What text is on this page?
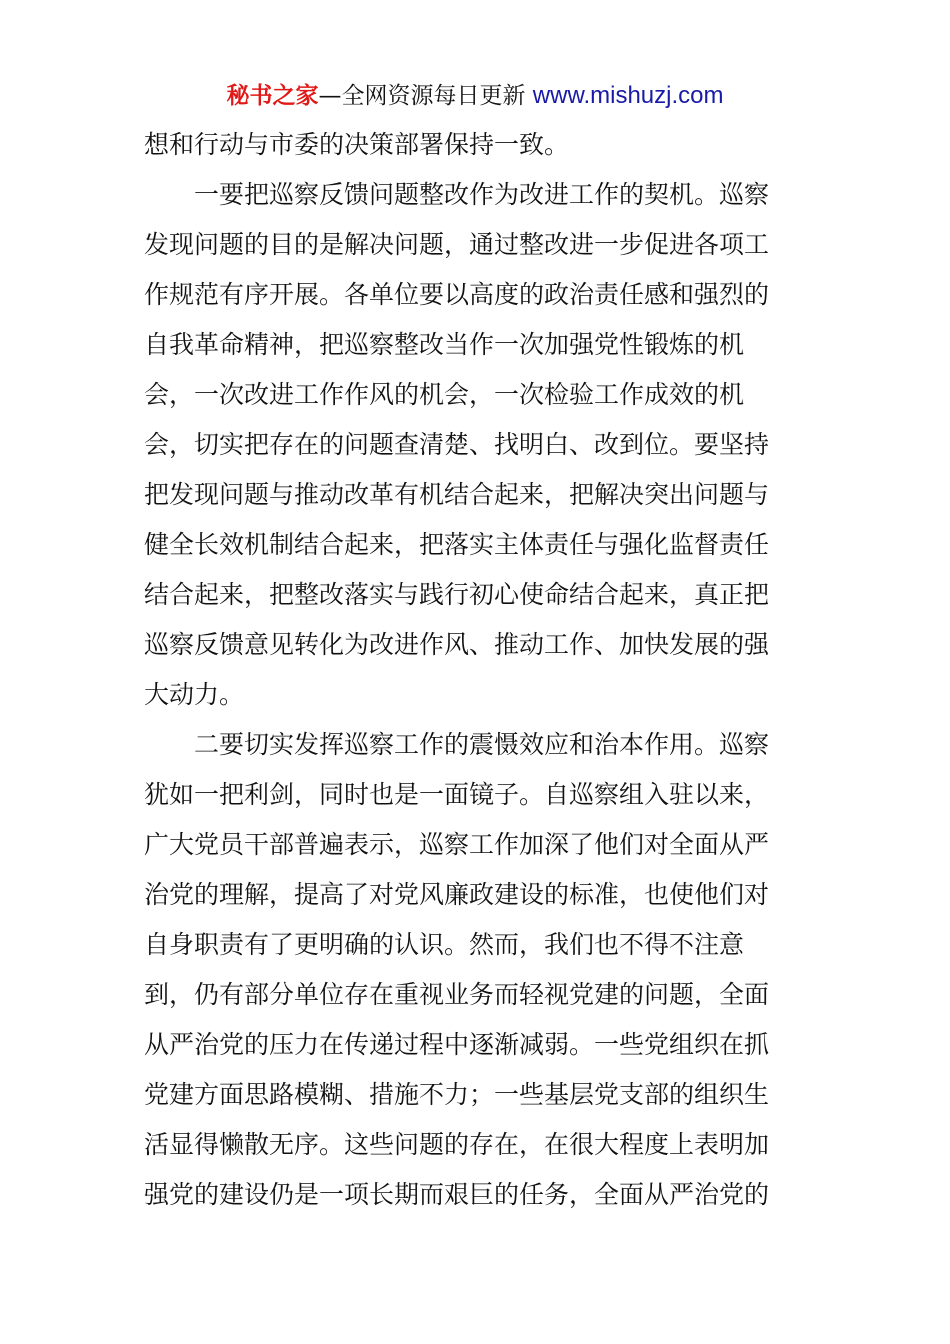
秘书之家—全网资源每日更新 www.mishuzj.com
想和行动与市委的决策部署保持一致。
一要把巡察反馈问题整改作为改进工作的契机。巡察
发现问题的目的是解决问题，通过整改进一步促进各项工
作规范有序开展。各单位要以高度的政治责任感和强烈的
自我革命精神，把巡察整改当作一次加强党性锻炼的机
会，一次改进工作作风的机会，一次检验工作成效的机
会，切实把存在的问题查清楚、找明白、改到位。要坚持
把发现问题与推动改革有机结合起来，把解决突出问题与
健全长效机制结合起来，把落实主体责任与强化监督责任
结合起来，把整改落实与践行初心使命结合起来，真正把
巡察反馈意见转化为改进作风、推动工作、加快发展的强
大动力。
二要切实发挥巡察工作的震慑效应和治本作用。巡察
犹如一把利剑，同时也是一面镜子。自巡察组入驻以来，
广大党员干部普遍表示，巡察工作加深了他们对全面从严
治党的理解，提高了对党风廉政建设的标准，也使他们对
自身职责有了更明确的认识。然而，我们也不得不注意
到，仍有部分单位存在重视业务而轻视党建的问题，全面
从严治党的压力在传递过程中逐渐减弱。一些党组织在抓
党建方面思路模糊、措施不力；一些基层党支部的组织生
活显得懒散无序。这些问题的存在，在很大程度上表明加
强党的建设仍是一项长期而艰巨的任务，全面从严治党的
